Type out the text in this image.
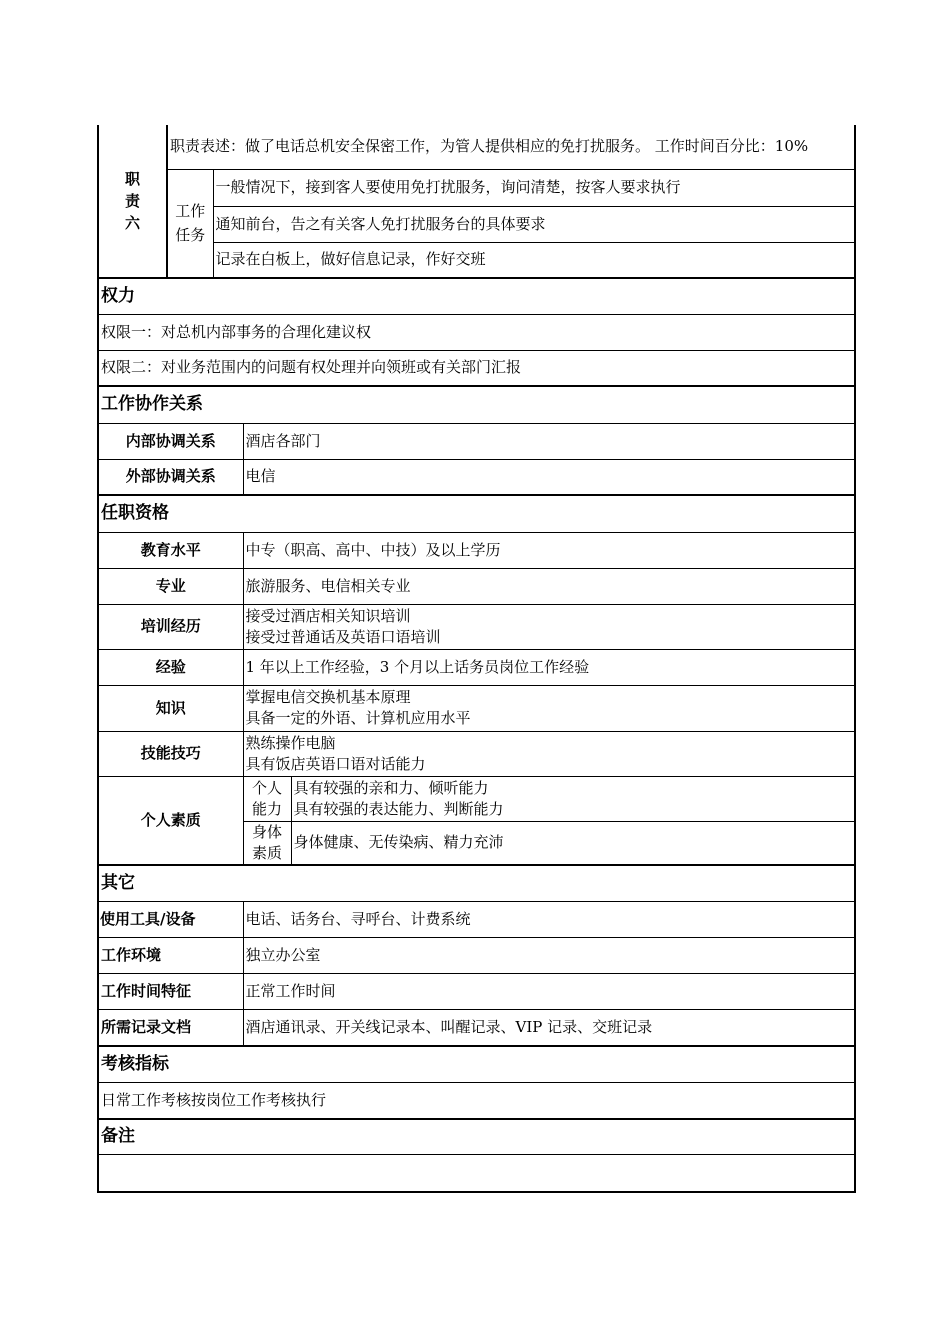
职
责
六	职责表述：做了电话总机安全保密工作，为管人提供相应的免打扰服务。 工作时间百分比：10%			
	工作任务	一般情况下，接到客人要使用免打扰服务，询问清楚，按客人要求执行		
		通知前台，告之有关客人免打扰服务台的具体要求		
		记录在白板上，做好信息记录，作好交班		
权力				
权限一：对总机内部事务的合理化建议权				
权限二：对业务范围内的问题有权处理并向领班或有关部门汇报				
工作协作关系				
内部协调关系			酒店各部门	
外部协调关系			电信	
任职资格				
教育水平			中专（职高、高中、中技）及以上学历	
专业			旅游服务、电信相关专业	
培训经历			接受过酒店相关知识培训
接受过普通话及英语口语培训	

经验			1 年以上工作经验，3 个月以上话务员岗位工作经验	
知识			掌握电信交换机基本原理
具备一定的外语、计算机应用水平	

技能技巧			熟练操作电脑
具有饭店英语口语对话能力	

个人素质			个人能力	具有较强的亲和力、倾听能力
具有较强的表达能力、判断能力

			身体素质	身体健康、无传染病、精力充沛
其它				
使用工具/设备			电话、话务台、寻呼台、计费系统	
工作环境			独立办公室	
工作时间特征			正常工作时间	
所需记录文档			酒店通讯录、开关线记录本、叫醒记录、VIP 记录、交班记录	
考核指标				
日常工作考核按岗位工作考核执行				
备注				
